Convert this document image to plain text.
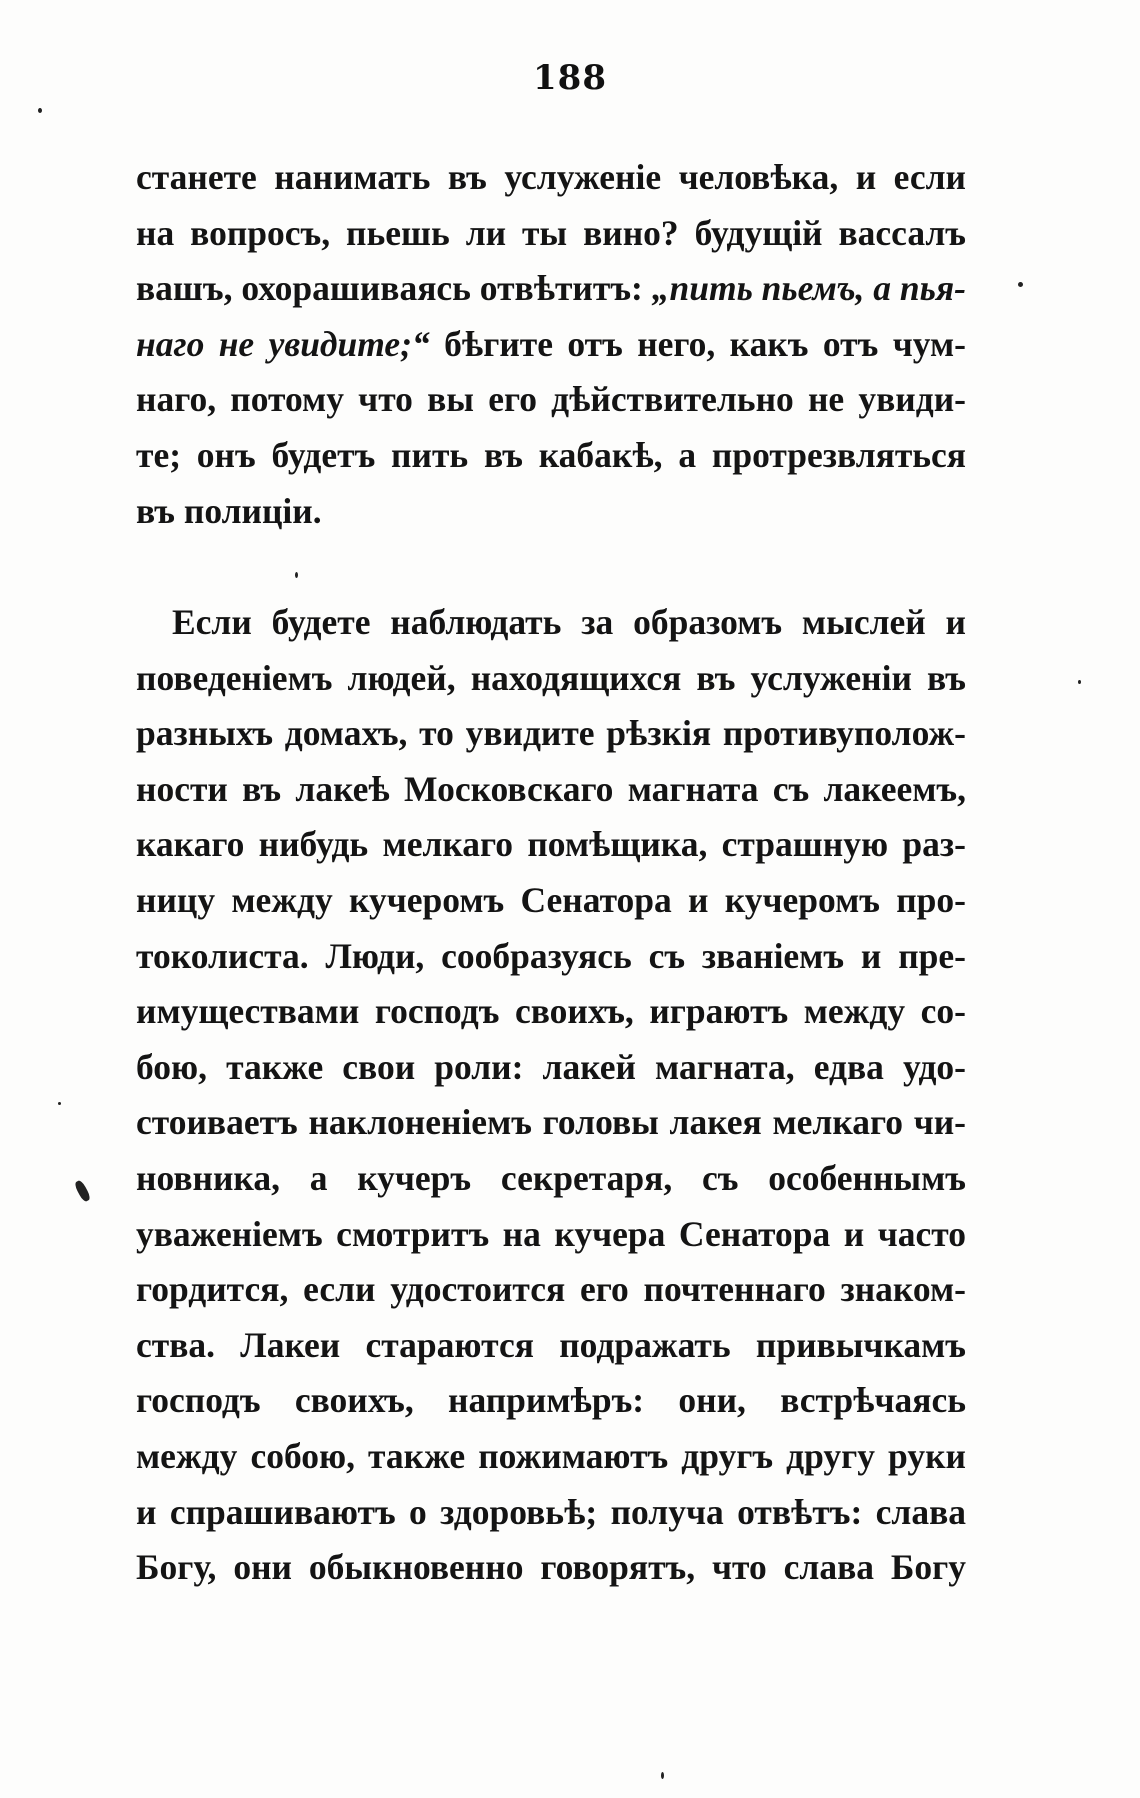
188
станете нанимать въ услуженіе человѣка, и если
на вопросъ, пьешь ли ты вино? будущій вассалъ
вашъ, охорашиваясь отвѣтитъ: „пить пьемъ, а пья-
наго не увидите;“ бѣгите отъ него, какъ отъ чум-
наго, потому что вы его дѣйствительно не увиди-
те; онъ будетъ пить въ кабакѣ, а протрезвляться
въ полиціи.
Если будете наблюдать за образомъ мыслей и
поведеніемъ людей, находящихся въ услуженіи въ
разныхъ домахъ, то увидите рѣзкія противуполож-
ности въ лакеѣ Московскаго магната съ лакеемъ,
какаго нибудь мелкаго помѣщика, страшную раз-
ницу между кучеромъ Сенатора и кучеромъ про-
токолиста. Люди, сообразуясь съ званіемъ и пре-
имуществами господъ своихъ, играютъ между со-
бою, также свои роли: лакей магната, едва удо-
стоиваетъ наклоненіемъ головы лакея мелкаго чи-
новника, а кучеръ секретаря, съ особеннымъ
уваженіемъ смотритъ на кучера Сенатора и часто
гордится, если удостоится его почтеннаго знаком-
ства. Лакеи стараются подражать привычкамъ
господъ своихъ, напримѣръ: они, встрѣчаясь
между собою, также пожимаютъ другъ другу руки
и спрашиваютъ о здоровьѣ; получа отвѣтъ: слава
Богу, они обыкновенно говорятъ, что слава Богу
